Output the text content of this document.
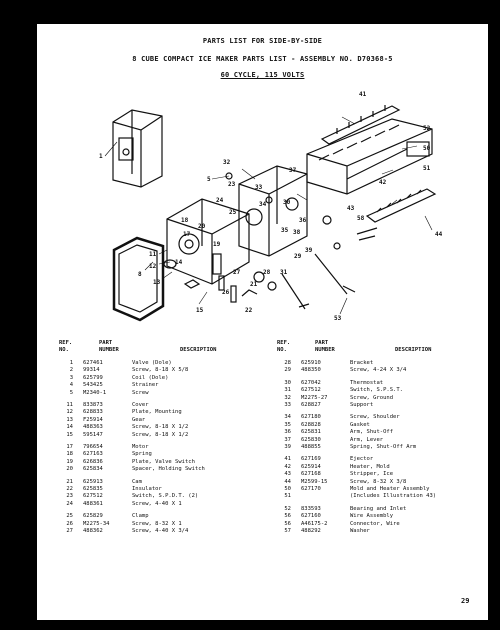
PARTS LIST FOR SIDE-BY-SIDE
8 CUBE COMPACT ICE MAKER PARTS LIST - ASSEMBLY NO. D70368-5
60 CYCLE, 115 VOLTS
1
5
8
11
12
13
14
15
17
18
19
20
21
22
23
24
25
26
27	28
29
30
31
32
33
34
35
36
37
38
39
41
42
43
44
50
51
52
53
58
REF.
NO.
PART
NUMBER	DESCRIPTION
REF.
NO.
PART
NUMBER	DESCRIPTION
1 627461	Valve (Dole)
2 99314	Screw, 8-18 X 5/8
3 625799	Coil (Dole)
4 543425	Strainer
5 M2340-1	Screw
11 833873	Cover
12 628833	Plate, Mounting
13 F25914	Gear
14 488363	Screw, 8-18 X 1/2
15 595147	Screw, 8-18 X 1/2
17 796654	Motor
18 627163	Spring
19 626836	Plate, Valve Switch
20 625834	Spacer, Holding Switch
21 625913	Cam
22 625835	Insulator
23 627512	Switch, S.P.D.T. (2)
24 488361	Screw, 4-40 X 1
25 625829	Clamp
26 M2275-34	Screw, 8-32 X 1
27 488362	Screw, 4-40 X 3/4
28 625910	Bracket
29 488350	Screw, 4-24 X 3/4
30 627042	Thermostat
31 627512	Switch, S.P.S.T.
32 M2275-27	Screw, Ground
33 628827	Support
34 627180	Screw, Shoulder
35 628828	Gasket
36 625831	Arm, Shut-Off
37 625830	Arm, Lever
39 488855	Spring, Shut-Off Arm
41 627169	Ejector
42 625914	Heater, Mold
43 627168	Stripper, Ice
44 M2599-15	Screw, 8-32 X 3/8
50 627170	Mold and Heater Assembly
51	(Includes Illustration 43)
52 833593	Bearing and Inlet
56 627160	Wire Assembly
56 A46175-2	Connector, Wire
57 488292	Washer
29
